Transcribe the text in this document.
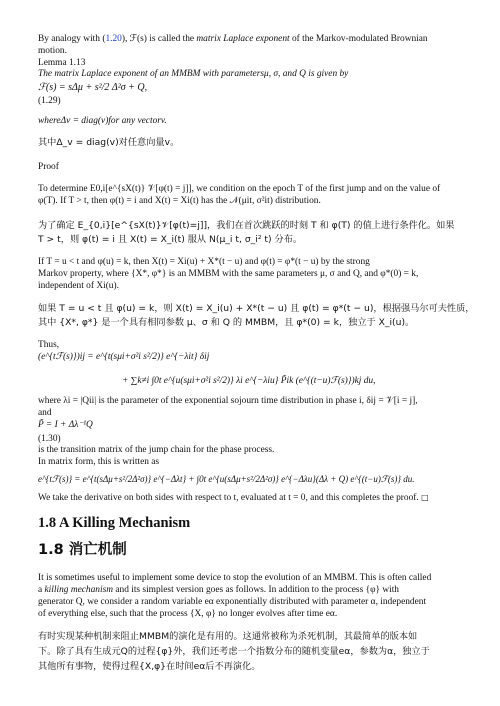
By analogy with (1.20), ℱ(s) is called the matrix Laplace exponent of the Markov-modulated Brownian
motion.
Lemma 1.13
The matrix Laplace exponent of an MMBM with parametersμ, σ, and Q is given by
ℱ(s) = sΔμ + s²/2 Δ²σ + Q,
(1.29)
whereΔv = diag(v)for any vectorv.
其中Δ_v = diag(v)对任意向量v。
Proof
To determine E0,i[e^{sX(t)} 𝒱[φ(t) = j]], we condition on the epoch T of the first jump and on the value of
φ(T). If T > t, then φ(t) = i and X(t) = Xi(t) has the 𝒩(μit, σ²it) distribution.
为了确定 E_{0,i}[e^{sX(t)}𝒱[φ(t)=j]]，我们在首次跳跃的时刻 T 和 φ(T) 的值上进行条件化。如果
T > t，则 φ(t) = i 且 X(t) = X_i(t) 服从 N(μ_i t, σ_i² t) 分布。
If T = u < t and φ(u) = k, then X(t) = Xi(u) + X*(t − u) and φ(t) = φ*(t − u) by the strong
Markov property, where {X*, φ*} is an MMBM with the same parameters μ, σ and Q, and φ*(0) = k,
independent of Xi(u).
如果 T = u < t 且 φ(u) = k，则 X(t) = X_i(u) + X*(t − u) 且 φ(t) = φ*(t − u)，根据强马尔可夫性质，
其中 {X*, φ*} 是一个具有相同参数 μ、σ 和 Q 的 MMBM，且 φ*(0) = k，独立于 X_i(u)。
Thus,
(e^{tℱ(s)})ij = e^{t(sμi+σ²i s²/2)} e^{−λit} δij
+ ∑k≠i ∫0t e^{u(sμi+σ²i s²/2)} λi e^{−λiu} P̃ik (e^{(t−u)ℱ(s)})kj du,
where λi = |Qii| is the parameter of the exponential sojourn time distribution in phase i, δij = 𝒱[i = j],
and
P̃ = I + Δλ⁻¹Q
(1.30)
is the transition matrix of the jump chain for the phase process.
In matrix form, this is written as
e^{tℱ(s)} = e^{t(sΔμ+s²/2Δ²σ)} e^{−Δλt} + ∫0t e^{u(sΔμ+s²/2Δ²σ)} e^{−Δλu}(Δλ + Q) e^{(t−u)ℱ(s)} du.
We take the derivative on both sides with respect to t, evaluated at t = 0, and this completes the proof. □
1.8 A Killing Mechanism
1.8 消亡机制
It is sometimes useful to implement some device to stop the evolution of an MMBM. This is often called
a killing mechanism and its simplest version goes as follows. In addition to the process {φ} with
generator Q, we consider a random variable eα exponentially distributed with parameter α, independent
of everything else, such that the process {X, φ} no longer evolves after time eα.
有时实现某种机制来阻止MMBM的演化是有用的。这通常被称为杀死机制，其最简单的版本如
下。除了具有生成元Q的过程{φ}外，我们还考虑一个指数分布的随机变量eα，参数为α，独立于
其他所有事物，使得过程{X,φ}在时间eα后不再演化。
